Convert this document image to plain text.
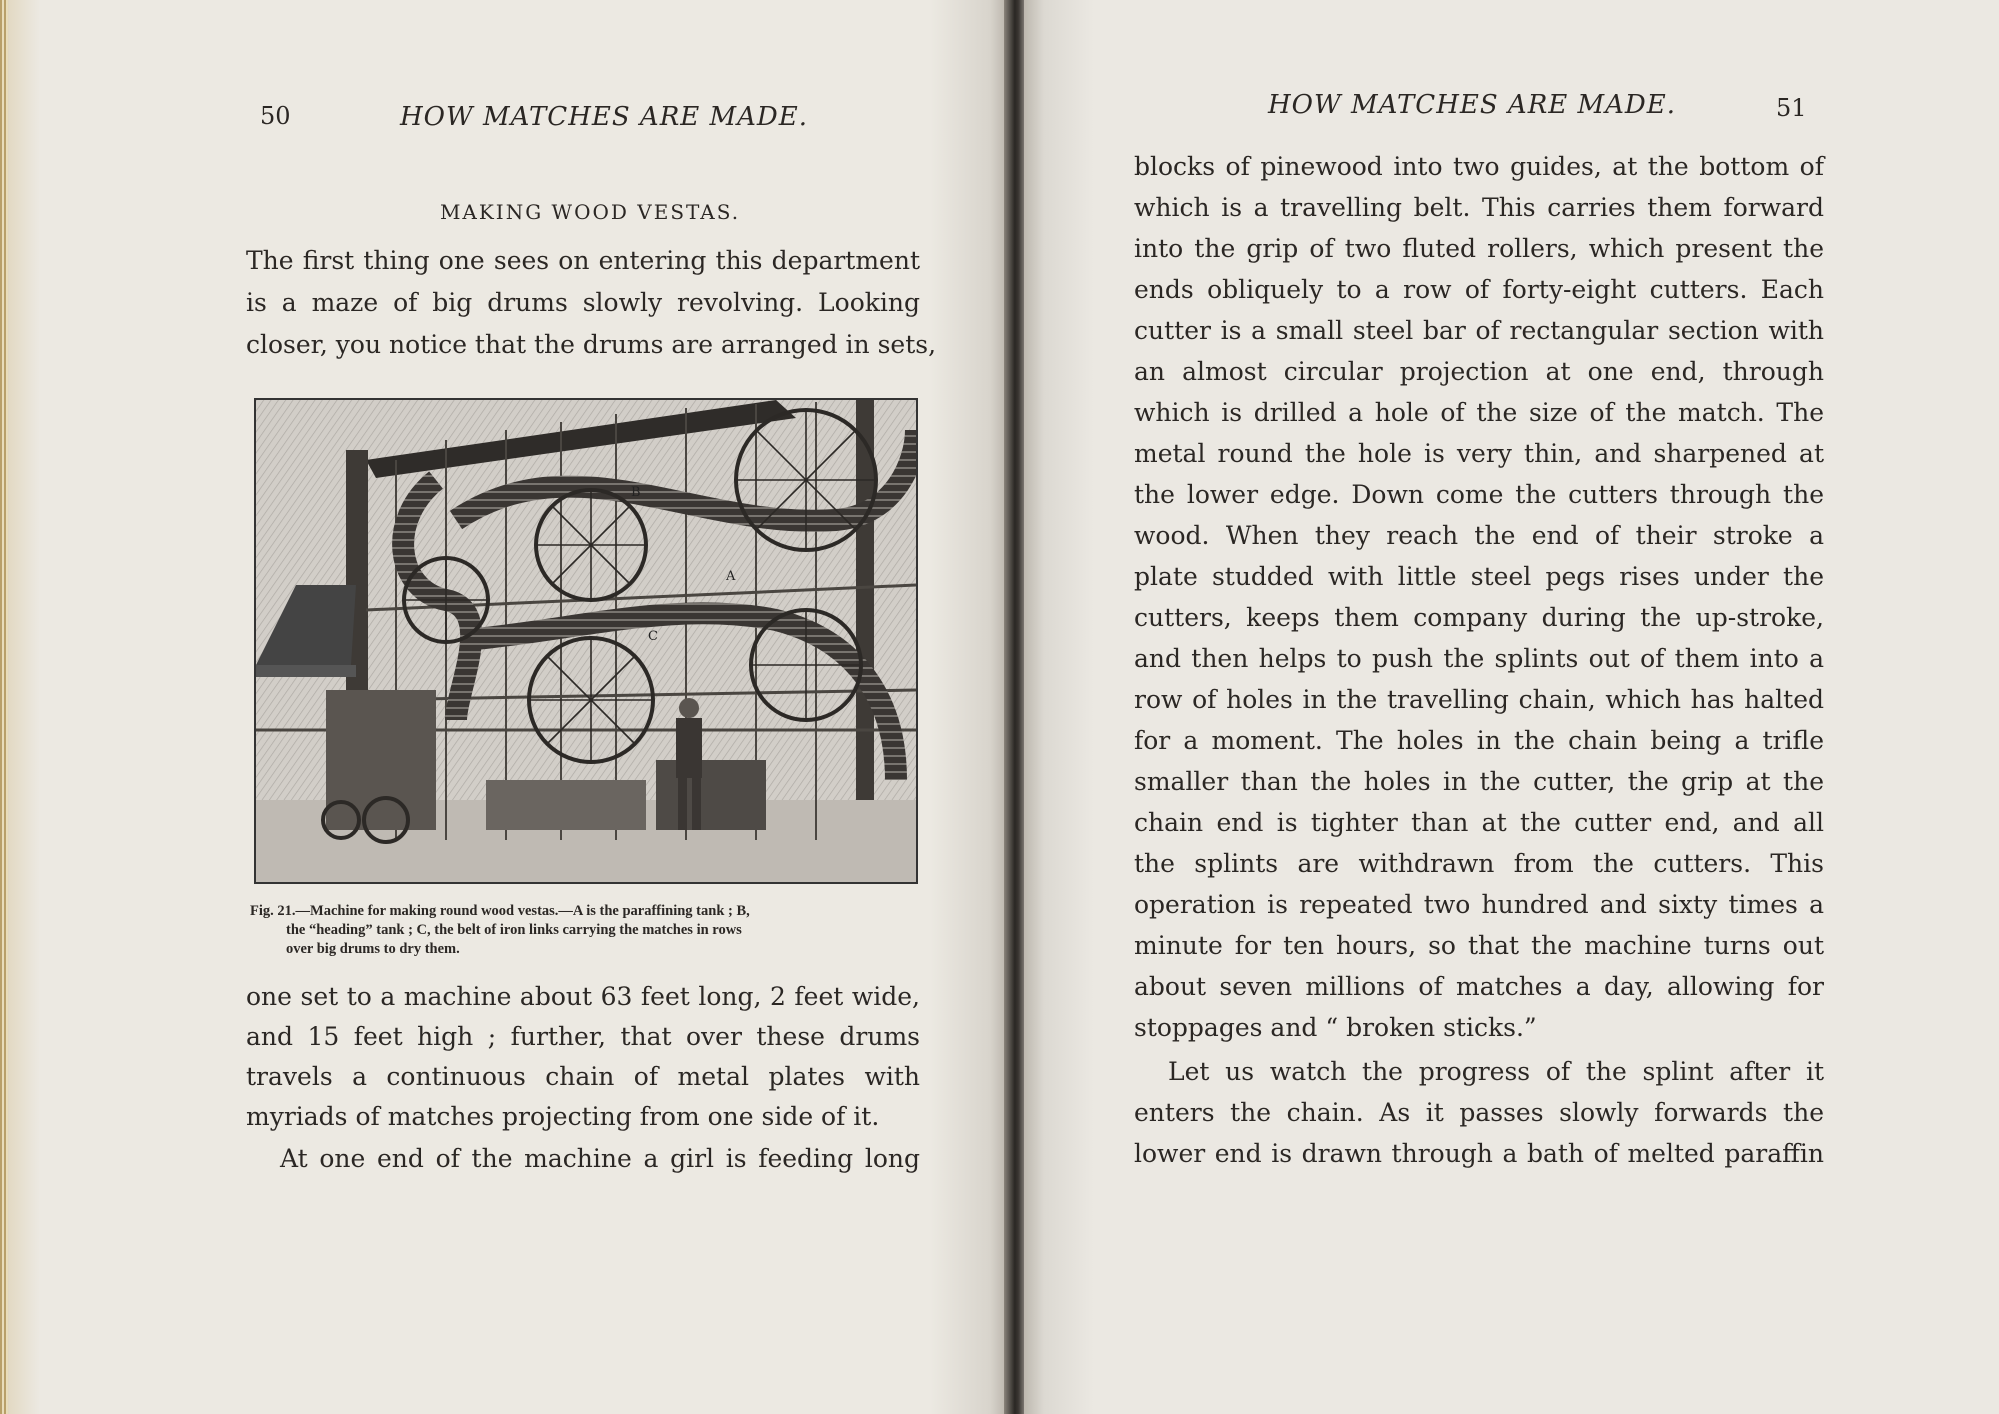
50	HOW MATCHES ARE MADE.
MAKING WOOD VESTAS.
The first thing one sees on entering this department
is a maze of big drums slowly revolving. Looking
closer, you notice that the drums are arranged in sets,
A
B
C
Fig. 21.—Machine for making round wood vestas.—A is the paraffining tank ; B,
the “heading” tank ; C, the belt of iron links carrying the matches in rows
over big drums to dry them.
one set to a machine about 63 feet long, 2 feet wide,
and 15 feet high ; further, that over these drums
travels a continuous chain of metal plates with
myriads of matches projecting from one side of it.
At one end of the machine a girl is feeding long
HOW MATCHES ARE MADE.	51
blocks of pinewood into two guides, at the bottom of
which is a travelling belt. This carries them forward
into the grip of two fluted rollers, which present the
ends obliquely to a row of forty-eight cutters. Each
cutter is a small steel bar of rectangular section with
an almost circular projection at one end, through
which is drilled a hole of the size of the match. The
metal round the hole is very thin, and sharpened at
the lower edge. Down come the cutters through the
wood. When they reach the end of their stroke a
plate studded with little steel pegs rises under the
cutters, keeps them company during the up-stroke,
and then helps to push the splints out of them into a
row of holes in the travelling chain, which has halted
for a moment. The holes in the chain being a trifle
smaller than the holes in the cutter, the grip at the
chain end is tighter than at the cutter end, and all
the splints are withdrawn from the cutters. This
operation is repeated two hundred and sixty times a
minute for ten hours, so that the machine turns out
about seven millions of matches a day, allowing for
stoppages and “ broken sticks.”
Let us watch the progress of the splint after it
enters the chain. As it passes slowly forwards the
lower end is drawn through a bath of melted paraffin
